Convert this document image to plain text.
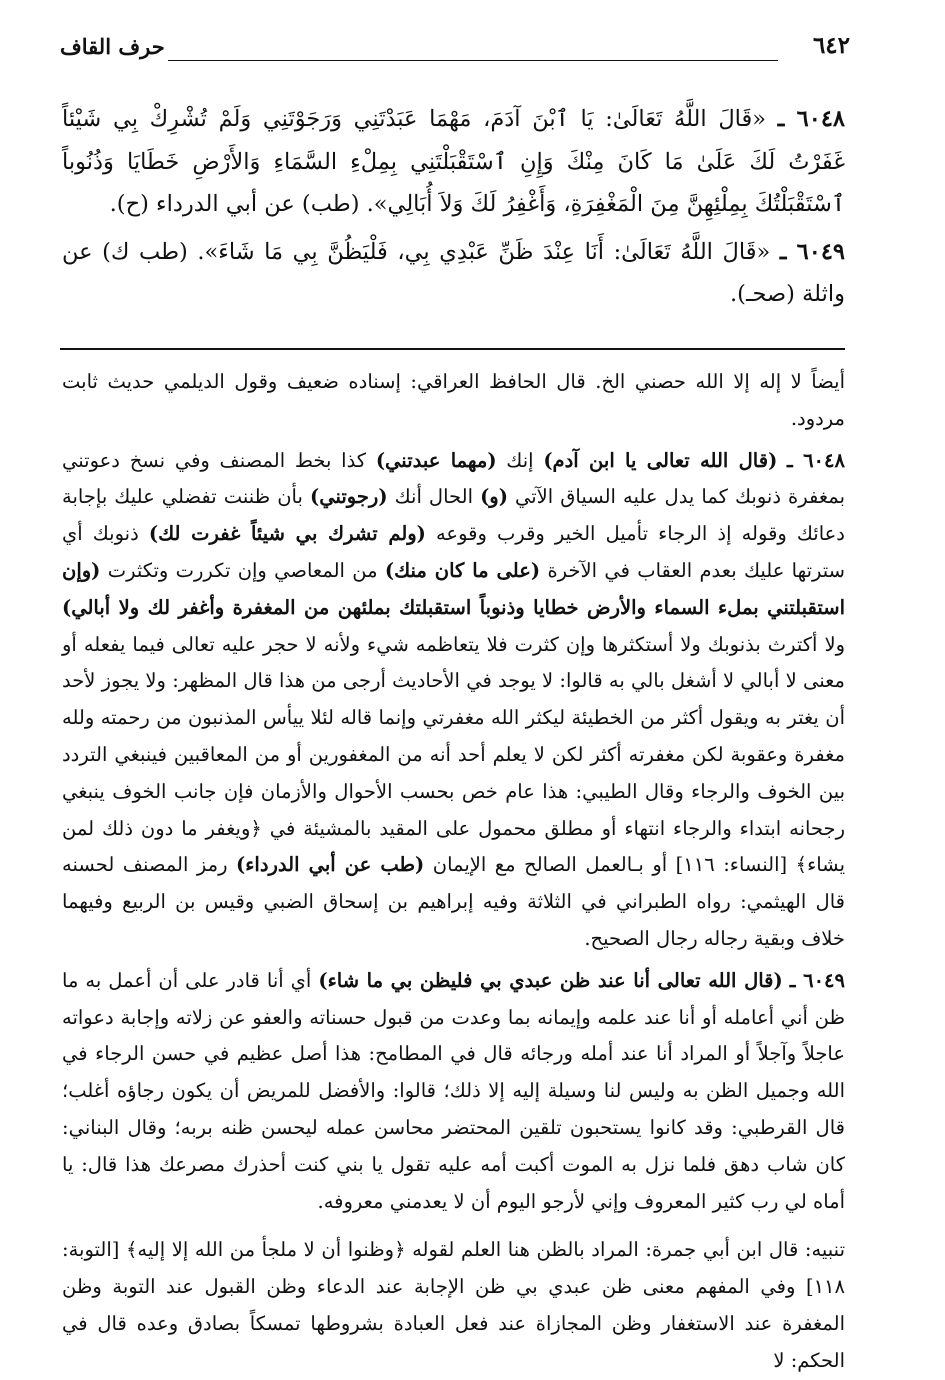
٦٤٢
حرف القاف

٦٠٤٨ ـ «قَالَ اللَّهُ تَعَالَىٰ: يَا ٱبْنَ آدَمَ، مَهْمَا عَبَدْتَنِي وَرَجَوْتَنِي وَلَمْ تُشْرِكْ بِي شَيْئاً غَفَرْتُ لَكَ عَلَىٰ مَا كَانَ مِنْكَ وَإِنِ ٱسْتَقْبَلْتَنِي بِمِلْءِ السَّمَاءِ وَالأَرْضِ خَطَايَا وَذُنُوباً ٱسْتَقْبَلْتُكَ بِمِلْئِهِنَّ مِنَ الْمَغْفِرَةِ، وَأَغْفِرُ لَكَ وَلاَ أُبَالِي». (طب) عن أبي الدرداء (ح).

٦٠٤٩ ـ «قَالَ اللَّهُ تَعَالَىٰ: أَنَا عِنْدَ ظَنِّ عَبْدِي بِي، فَلْيَظُنَّ بِي مَا شَاءَ». (طب ك) عن واثلة (صحـ).

أيضاً لا إله إلا الله حصني الخ. قال الحافظ العراقي: إسناده ضعيف وقول الديلمي حديث ثابت مردود.

٦٠٤٨ ـ (قال الله تعالى يا ابن آدم) إنك (مهما عبدتني) كذا بخط المصنف وفي نسخ دعوتني بمغفرة ذنوبك كما يدل عليه السياق الآتي (و) الحال أنك (رجوتني) بأن ظننت تفضلي عليك بإجابة دعائك وقوله إذ الرجاء تأميل الخير وقرب وقوعه (ولم تشرك بي شيئاً غفرت لك) ذنوبك أي سترتها عليك بعدم العقاب في الآخرة (على ما كان منك) من المعاصي وإن تكررت وتكثرت (وإن استقبلتني بملء السماء والأرض خطايا وذنوباً استقبلتك بملئهن من المغفرة وأغفر لك ولا أبالي) ولا أكترث بذنوبك ولا أستكثرها وإن كثرت فلا يتعاظمه شيء ولأنه لا حجر عليه تعالى فيما يفعله أو معنى لا أبالي لا أشغل بالي به قالوا: لا يوجد في الأحاديث أرجى من هذا قال المظهر: ولا يجوز لأحد أن يغتر به ويقول أكثر من الخطيئة ليكثر الله مغفرتي وإنما قاله لئلا ييأس المذنبون من رحمته ولله مغفرة وعقوبة لكن مغفرته أكثر لكن لا يعلم أحد أنه من المغفورين أو من المعاقبين فينبغي التردد بين الخوف والرجاء وقال الطيبي: هذا عام خص بحسب الأحوال والأزمان فإن جانب الخوف ينبغي رجحانه ابتداء والرجاء انتهاء أو مطلق محمول على المقيد بالمشيئة في ﴿ويغفر ما دون ذلك لمن يشاء﴾ [النساء: ١١٦] أو بـالعمل الصالح مع الإيمان (طب عن أبي الدرداء) رمز المصنف لحسنه قال الهيثمي: رواه الطبراني في الثلاثة وفيه إبراهيم بن إسحاق الضبي وقيس بن الربيع وفيهما خلاف وبقية رجاله رجال الصحيح.

٦٠٤٩ ـ (قال الله تعالى أنا عند ظن عبدي بي فليظن بي ما شاء) أي أنا قادر على أن أعمل به ما ظن أني أعامله أو أنا عند علمه وإيمانه بما وعدت من قبول حسناته والعفو عن زلاته وإجابة دعواته عاجلاً وآجلاً أو المراد أنا عند أمله ورجائه قال في المطامح: هذا أصل عظيم في حسن الرجاء في الله وجميل الظن به وليس لنا وسيلة إليه إلا ذلك؛ قالوا: والأفضل للمريض أن يكون رجاؤه أغلب؛ قال القرطبي: وقد كانوا يستحبون تلقين المحتضر محاسن عمله ليحسن ظنه بربه؛ وقال البناني: كان شاب دهق فلما نزل به الموت أكبت أمه عليه تقول يا بني كنت أحذرك مصرعك هذا قال: يا أماه لي رب كثير المعروف وإني لأرجو اليوم أن لا يعدمني معروفه.

تنبيه: قال ابن أبي جمرة: المراد بالظن هنا العلم لقوله ﴿وظنوا أن لا ملجأ من الله إلا إليه﴾ [التوبة: ١١٨] وفي المفهم معنى ظن عبدي بي ظن الإجابة عند الدعاء وظن القبول عند التوبة وظن المغفرة عند الاستغفار وظن المجازاة عند فعل العبادة بشروطها تمسكاً بصادق وعده قال في الحكم: لا
